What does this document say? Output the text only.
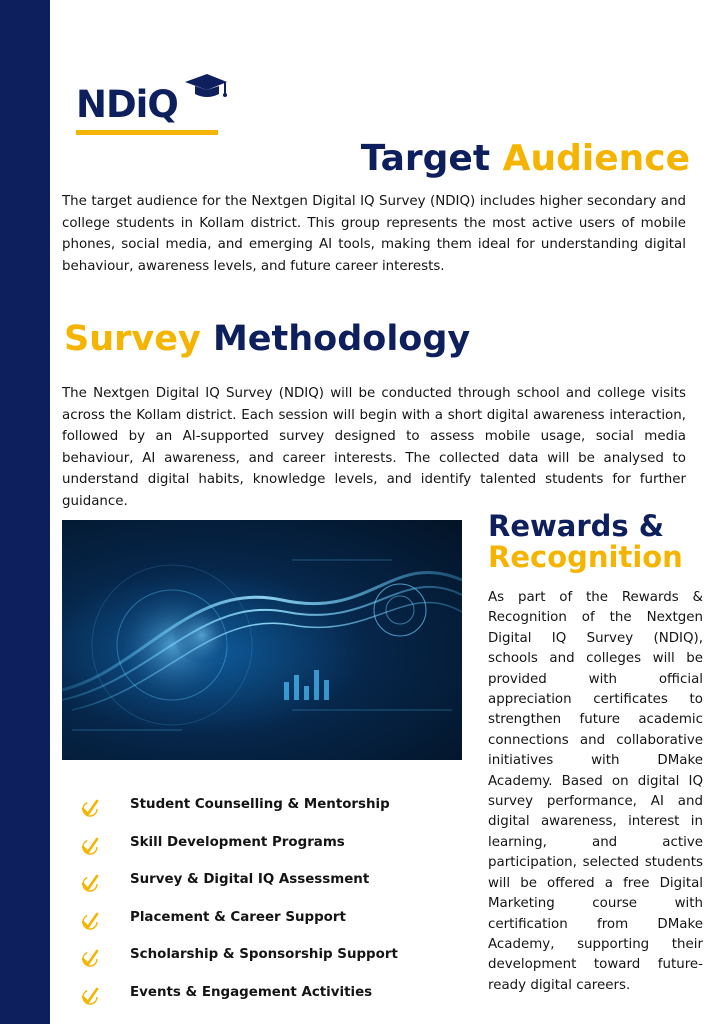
NDiQ
Target Audience

The target audience for the Nextgen Digital IQ Survey (NDIQ) includes higher secondary and college students in Kollam district. This group represents the most active users of mobile phones, social media, and emerging AI tools, making them ideal for understanding digital behaviour, awareness levels, and future career interests.

Survey Methodology

The Nextgen Digital IQ Survey (NDIQ) will be conducted through school and college visits across the Kollam district. Each session will begin with a short digital awareness interaction, followed by an AI-supported survey designed to assess mobile usage, social media behaviour, AI awareness, and career interests. The collected data will be analysed to understand digital habits, knowledge levels, and identify talented students for further guidance.

Rewards &
Recognition

As part of the Rewards & Recognition of the Nextgen Digital IQ Survey (NDIQ), schools and colleges will be provided with official appreciation certificates to strengthen future academic connections and collaborative initiatives with DMake Academy. Based on digital IQ survey performance, AI and digital awareness, interest in learning, and active participation, selected students will be offered a free Digital Marketing course with certification from DMake Academy, supporting their development toward future-ready digital careers.

Student Counselling & Mentorship
Skill Development Programs
Survey & Digital IQ Assessment
Placement & Career Support
Scholarship & Sponsorship Support
Events & Engagement Activities
